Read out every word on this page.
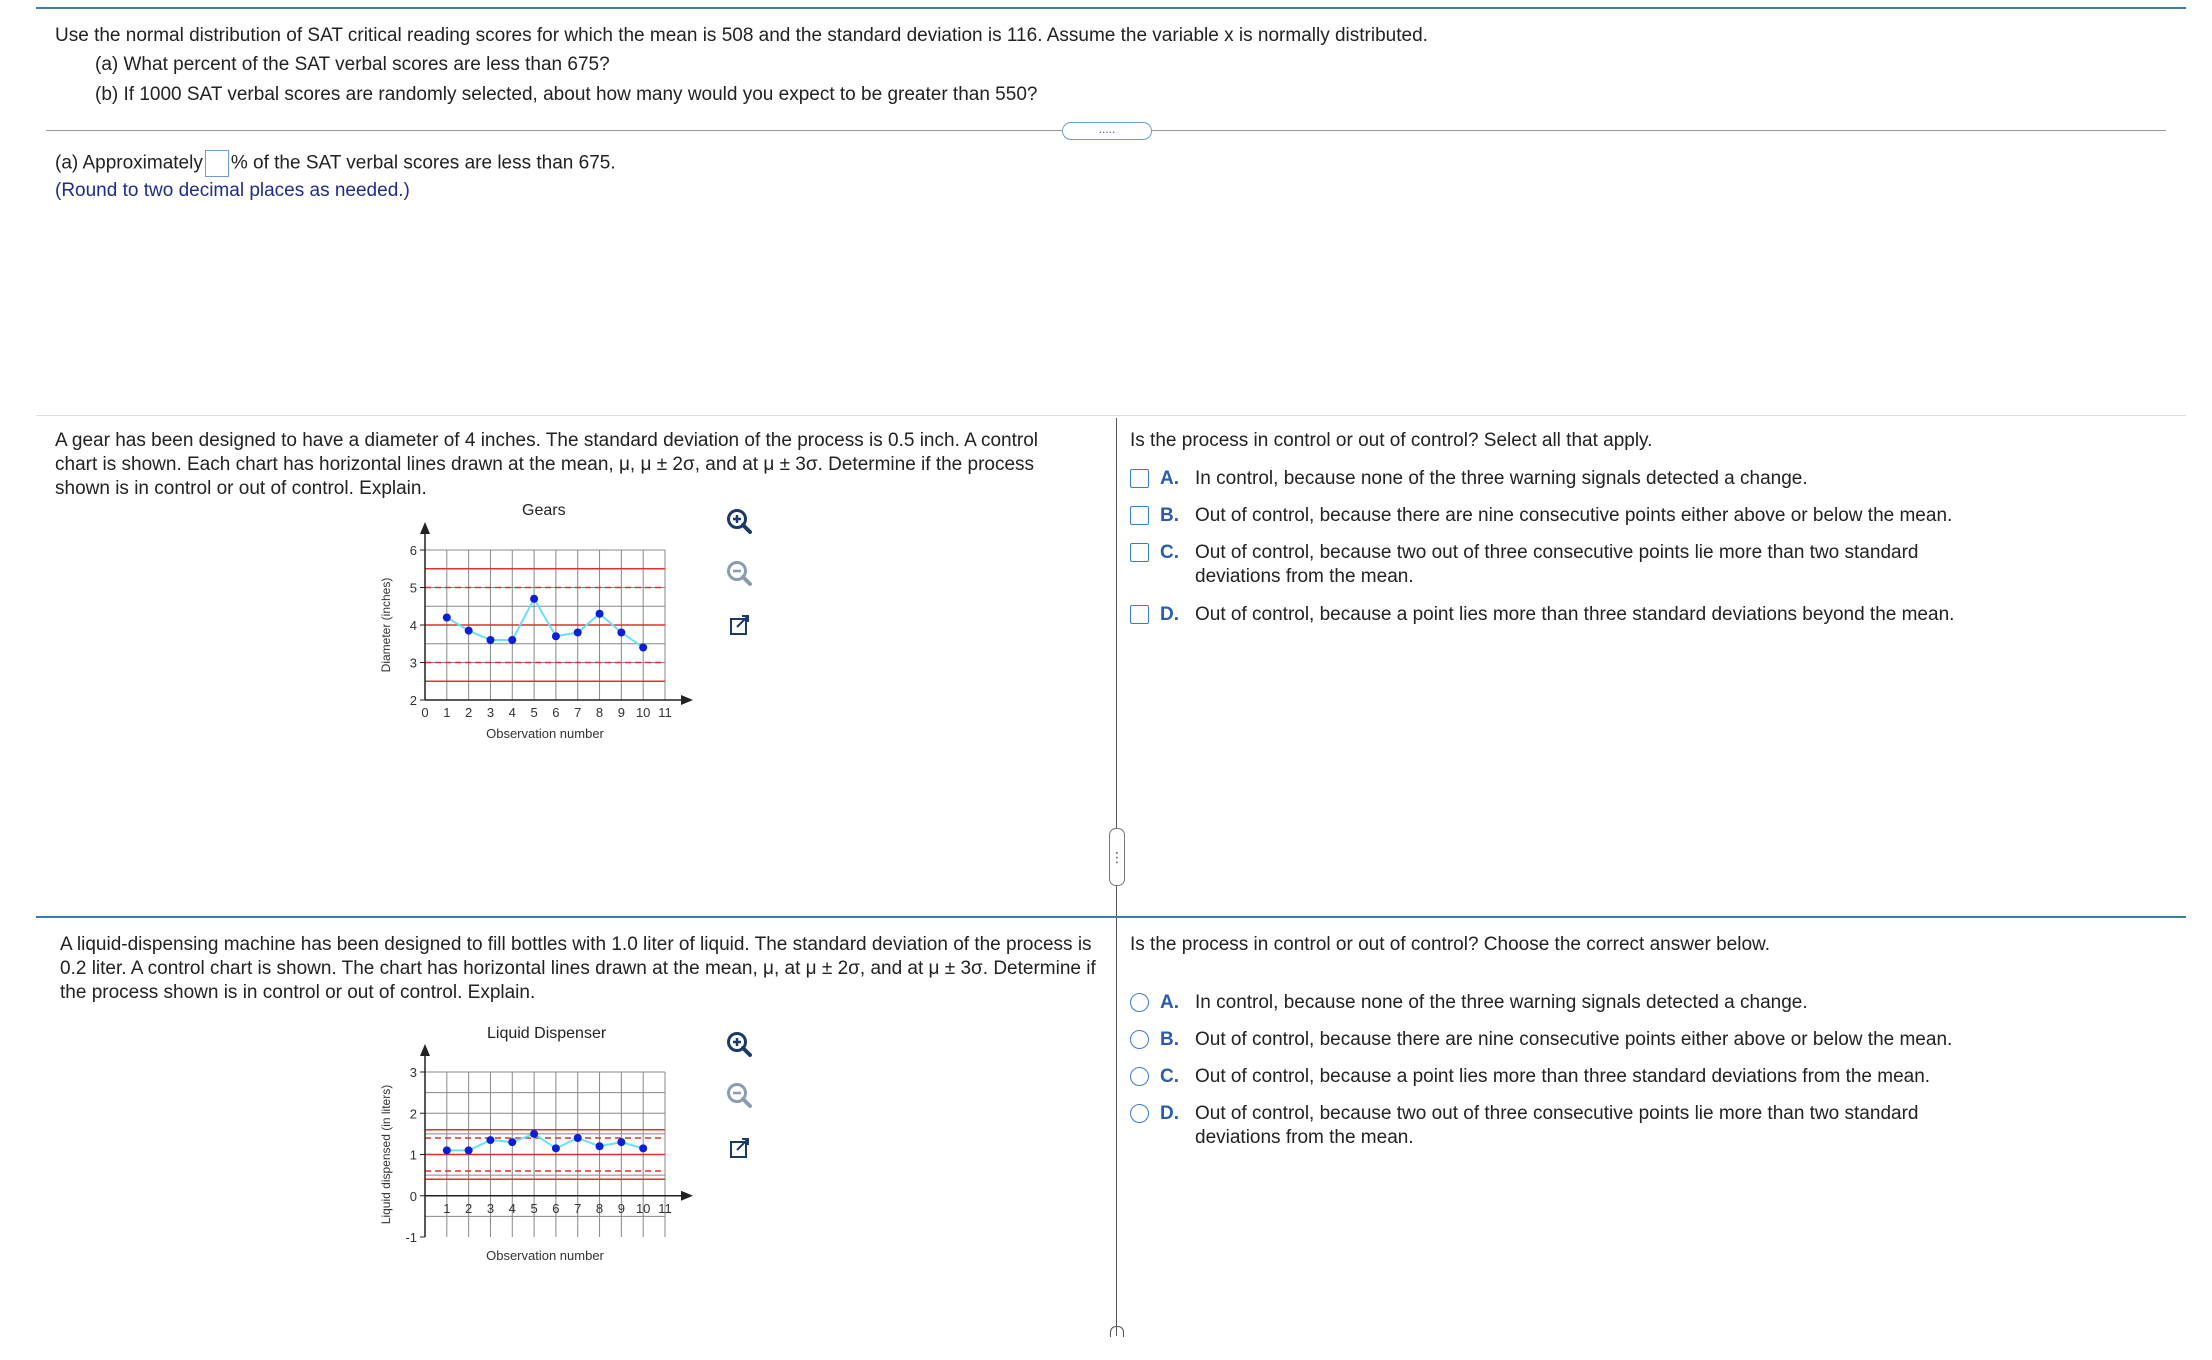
Use the normal distribution of SAT critical reading scores for which the mean is 508 and the standard deviation is 116. Assume the variable x is normally distributed.
(a) What percent of the SAT verbal scores are less than 675?
(b) If 1000 SAT verbal scores are randomly selected, about how many would you expect to be greater than 550?
.....
(a) Approximately % of the SAT verbal scores are less than 675.
(Round to two decimal places as needed.)
A gear has been designed to have a diameter of 4 inches. The standard deviation of the process is 0.5 inch. A control chart is shown. Each chart has horizontal lines drawn at the mean, μ, μ ± 2σ, and at μ ± 3σ. Determine if the process shown is in control or out of control. Explain.
⋮
Gears
2
3
4
5
6
0 1 2 3 4 5 6 7 8 9 10 11
Observation number
Diameter (inches)
Is the process in control or out of control? Select all that apply.
A. In control, because none of the three warning signals detected a change.
B. Out of control, because there are nine consecutive points either above or below the mean.
C. Out of control, because two out of three consecutive points lie more than two standard deviations from the mean.
D. Out of control, because a point lies more than three standard deviations beyond the mean.
A liquid-dispensing machine has been designed to fill bottles with 1.0 liter of liquid. The standard deviation of the process is 0.2 liter. A control chart is shown. The chart has horizontal lines drawn at the mean, μ, at μ ± 2σ, and at μ ± 3σ. Determine if the process shown is in control or out of control. Explain.
Liquid Dispenser
-1
0
1
2
3
1 2 3 4 5 6 7 8 9 10 11
Observation number
Liquid dispensed (in liters)
Is the process in control or out of control? Choose the correct answer below.
A. In control, because none of the three warning signals detected a change.
B. Out of control, because there are nine consecutive points either above or below the mean.
C. Out of control, because a point lies more than three standard deviations from the mean.
D. Out of control, because two out of three consecutive points lie more than two standard deviations from the mean.
